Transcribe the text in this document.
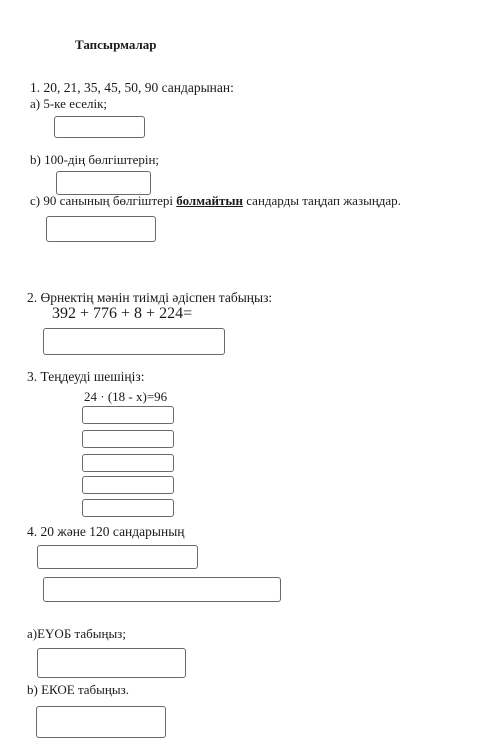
Тапсырмалар
1. 20, 21, 35, 45, 50, 90 сандарынан:
а) 5-ке еселік;
b) 100-дің бөлгіштерін;
c) 90 санының бөлгіштері болмайтын сандарды таңдап жазыңдар.
2. Өрнектің мәнін тиімді әдіспен табыңыз:
392 + 776 + 8 + 224=
3. Теңдеуді шешіңіз:
24 · (18 - x)=96
4. 20 және 120 сандарының
а)ЕҮОБ табыңыз;
b) ЕКОЕ табыңыз.
